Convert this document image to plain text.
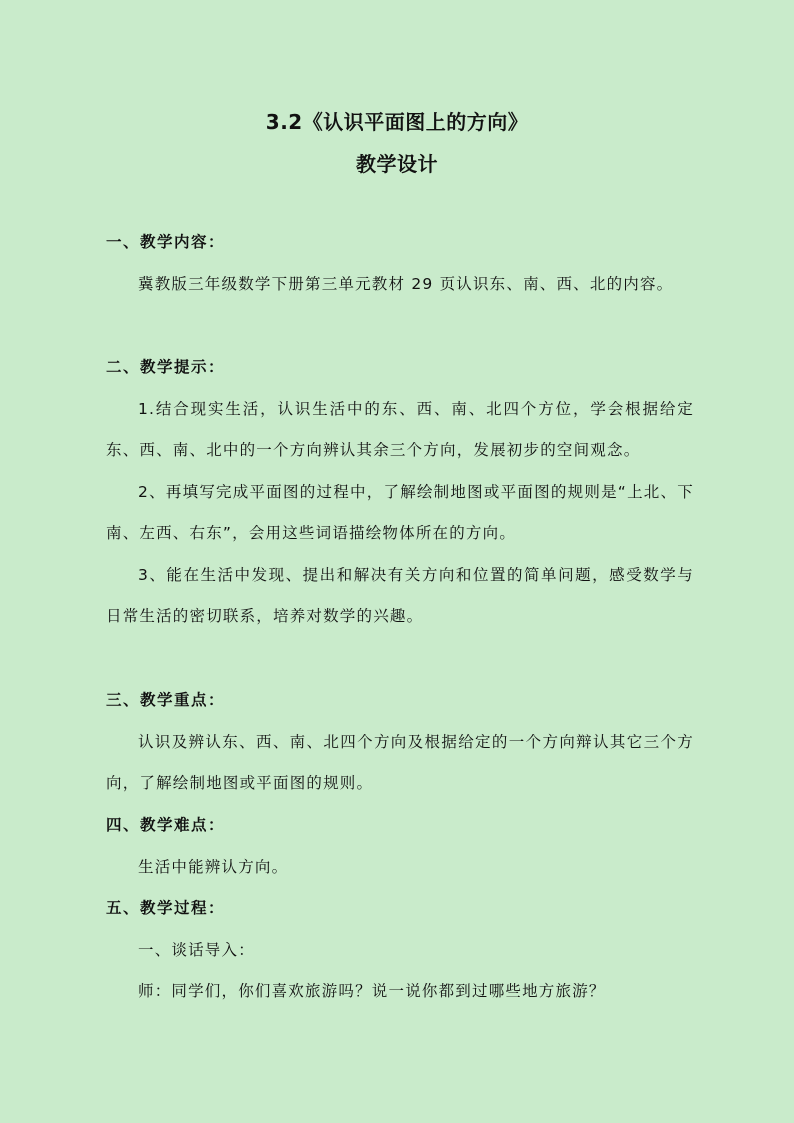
3.2《认识平面图上的方向》
教学设计
一、教学内容：
冀教版三年级数学下册第三单元教材 29 页认识东、南、西、北的内容。
二、教学提示：
1.结合现实生活，认识生活中的东、西、南、北四个方位，学会根据给定东、西、南、北中的一个方向辨认其余三个方向，发展初步的空间观念。
2、再填写完成平面图的过程中，了解绘制地图或平面图的规则是“上北、下南、左西、右东”，会用这些词语描绘物体所在的方向。
3、能在生活中发现、提出和解决有关方向和位置的简单问题，感受数学与日常生活的密切联系，培养对数学的兴趣。
三、教学重点：
认识及辨认东、西、南、北四个方向及根据给定的一个方向辩认其它三个方向，了解绘制地图或平面图的规则。
四、教学难点：
生活中能辨认方向。
五、教学过程：
一、谈话导入：
师：同学们，你们喜欢旅游吗？说一说你都到过哪些地方旅游？
